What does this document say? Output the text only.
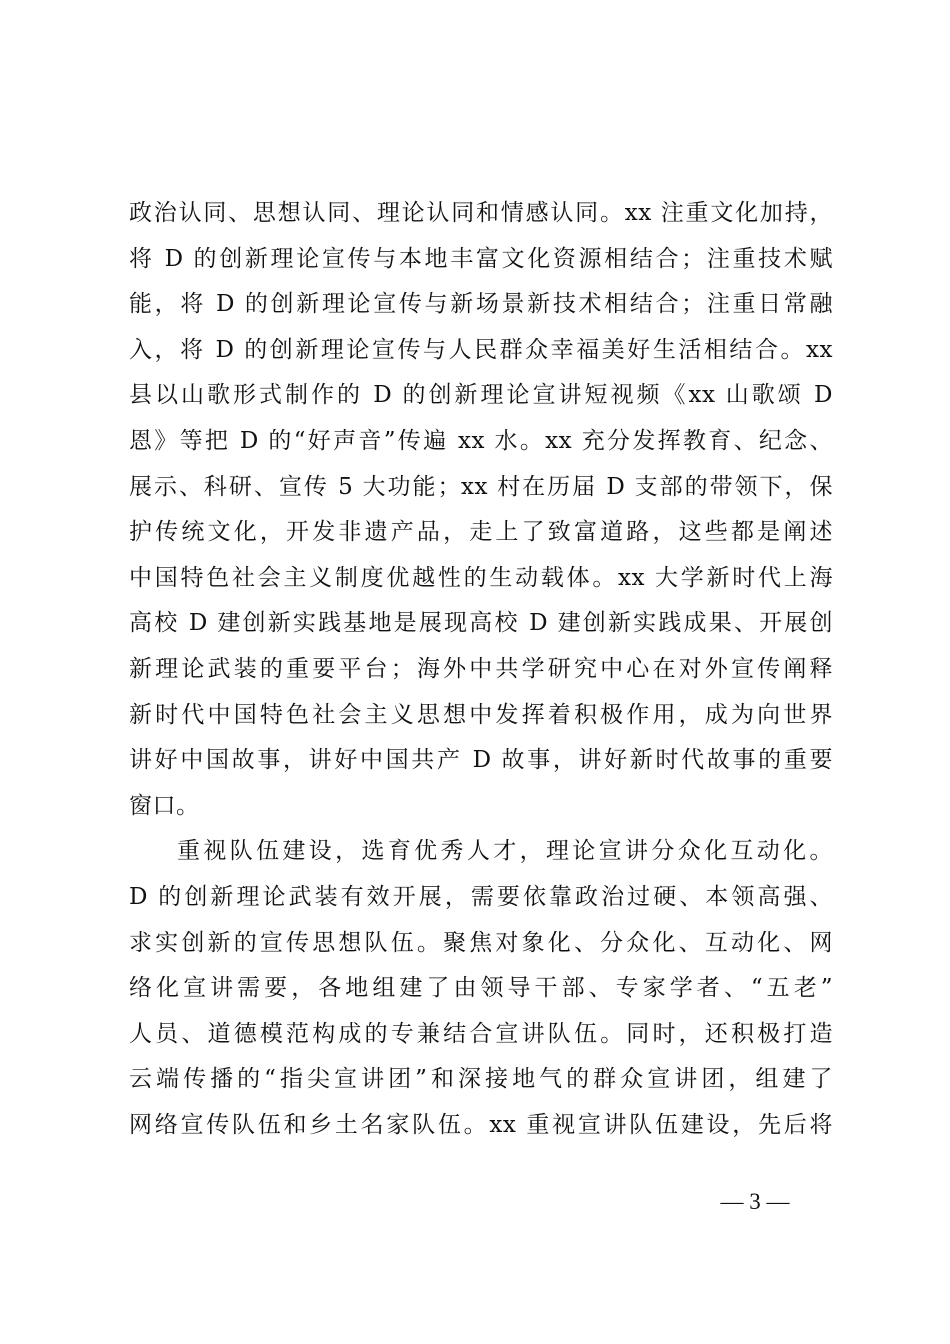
政治认同、思想认同、理论认同和情感认同。xx 注重文化加持，
将 D 的创新理论宣传与本地丰富文化资源相结合；注重技术赋
能，将 D 的创新理论宣传与新场景新技术相结合；注重日常融
入，将 D 的创新理论宣传与人民群众幸福美好生活相结合。xx
县以山歌形式制作的 D 的创新理论宣讲短视频《xx 山歌颂 D
恩》等把 D 的“好声音”传遍 xx 水。xx 充分发挥教育、纪念、
展示、科研、宣传 5 大功能；xx 村在历届 D 支部的带领下，保
护传统文化，开发非遗产品，走上了致富道路，这些都是阐述
中国特色社会主义制度优越性的生动载体。xx 大学新时代上海
高校 D 建创新实践基地是展现高校 D 建创新实践成果、开展创
新理论武装的重要平台；海外中共学研究中心在对外宣传阐释
新时代中国特色社会主义思想中发挥着积极作用，成为向世界
讲好中国故事，讲好中国共产 D 故事，讲好新时代故事的重要
窗口。
重视队伍建设，选育优秀人才，理论宣讲分众化互动化。
D 的创新理论武装有效开展，需要依靠政治过硬、本领高强、
求实创新的宣传思想队伍。聚焦对象化、分众化、互动化、网
络化宣讲需要，各地组建了由领导干部、专家学者、“五老”
人员、道德模范构成的专兼结合宣讲队伍。同时，还积极打造
云端传播的“指尖宣讲团”和深接地气的群众宣讲团，组建了
网络宣传队伍和乡土名家队伍。xx 重视宣讲队伍建设，先后将
— 3 —
